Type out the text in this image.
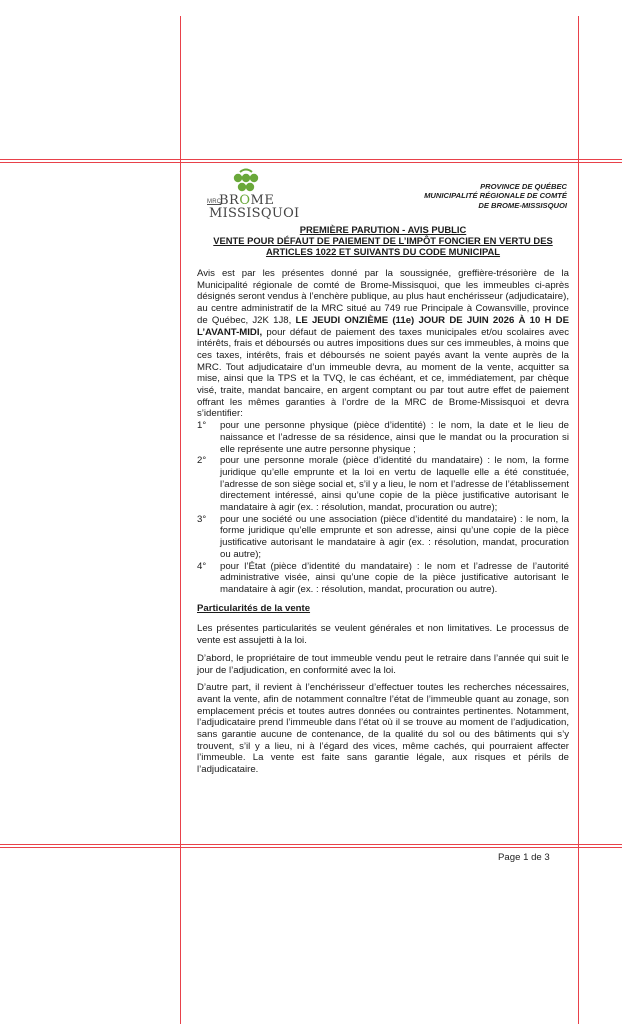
MRC
BROME
MISSISQUOI
PROVINCE DE QUÉBEC
MUNICIPALITÉ RÉGIONALE DE COMTÉ
DE BROME-MISSISQUOI
PREMIÈRE PARUTION - AVIS PUBLIC
VENTE POUR DÉFAUT DE PAIEMENT DE L’IMPÔT FONCIER EN VERTU DES
ARTICLES 1022 ET SUIVANTS DU CODE MUNICIPAL

Avis est par les présentes donné par la soussignée, greffière-trésorière de la Municipalité régionale de comté de Brome-Missisquoi, que les immeubles ci-après désignés seront vendus à l’enchère publique, au plus haut enchérisseur (adjudicataire), au centre administratif de la MRC situé au 749 rue Principale à Cowansville, province de Québec, J2K 1J8, LE JEUDI ONZIÈME (11e) JOUR DE JUIN 2026 À 10 H DE L’AVANT-MIDI, pour défaut de paiement des taxes municipales et/ou scolaires avec intérêts, frais et déboursés ou autres impositions dues sur ces immeubles, à moins que ces taxes, intérêts, frais et déboursés ne soient payés avant la vente auprès de la MRC. Tout adjudicataire d’un immeuble devra, au moment de la vente, acquitter sa mise, ainsi que la TPS et la TVQ, le cas échéant, et ce, immédiatement, par chèque visé, traite, mandat bancaire, en argent comptant ou par tout autre effet de paiement offrant les mêmes garanties à l’ordre de la MRC de Brome-Missisquoi et devra s’identifier:

1° pour une personne physique (pièce d’identité) : le nom, la date et le lieu de naissance et l’adresse de sa résidence, ainsi que le mandat ou la procuration si elle représente une autre personne physique ;
2° pour une personne morale (pièce d’identité du mandataire) : le nom, la forme juridique qu’elle emprunte et la loi en vertu de laquelle elle a été constituée, l’adresse de son siège social et, s’il y a lieu, le nom et l’adresse de l’établissement directement intéressé, ainsi qu’une copie de la pièce justificative autorisant le mandataire à agir (ex. : résolution, mandat, procuration ou autre);
3° pour une société ou une association (pièce d’identité du mandataire) : le nom, la forme juridique qu’elle emprunte et son adresse, ainsi qu’une copie de la pièce justificative autorisant le mandataire à agir (ex. : résolution, mandat, procuration ou autre);
4° pour l’État (pièce d’identité du mandataire) : le nom et l’adresse de l’autorité administrative visée, ainsi qu’une copie de la pièce justificative autorisant le mandataire à agir (ex. : résolution, mandat, procuration ou autre).
Particularités de la vente

Les présentes particularités se veulent générales et non limitatives. Le processus de vente est assujetti à la loi.

D’abord, le propriétaire de tout immeuble vendu peut le retraire dans l’année qui suit le jour de l’adjudication, en conformité avec la loi.

D’autre part, il revient à l’enchérisseur d’effectuer toutes les recherches nécessaires, avant la vente, afin de notamment connaître l’état de l’immeuble quant au zonage, son emplacement précis et toutes autres données ou contraintes pertinentes. Notamment, l’adjudicataire prend l’immeuble dans l’état où il se trouve au moment de l’adjudication, sans garantie aucune de contenance, de la qualité du sol ou des bâtiments qui s’y trouvent, s’il y a lieu, ni à l’égard des vices, même cachés, qui pourraient affecter l’immeuble. La vente est faite sans garantie légale, aux risques et périls de l’adjudicataire.

Page 1 de 3
